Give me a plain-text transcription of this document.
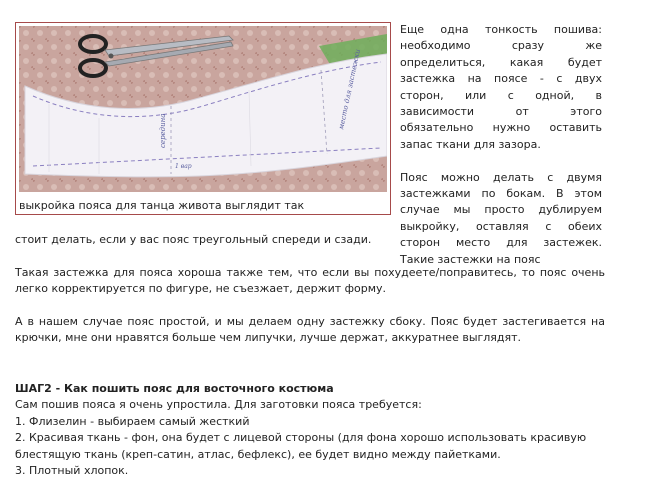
середина
1 вар
место для застежки
выкройка пояса для танца живота выглядит так

Еще одна тонкость пошива: необходимо сразу же определиться, какая будет застежка на поясе - с двух сторон, или с одной, в зависимости от этого обязательно нужно оставить запас ткани для зазора.

Пояс можно делать с двумя застежками по бокам. В этом случае мы просто дублируем выкройку, оставляя с обеих сторон место для застежек. Такие застежки на пояс

стоит делать, если у вас пояс треугольный спереди и сзади.

Такая застежка для пояса хороша также тем, что если вы похудеете/поправитесь, то пояс очень легко корректируется по фигуре, не съезжает, держит форму.

А в нашем случае пояс простой, и мы делаем одну застежку сбоку. Пояс будет застегивается на крючки, мне они нравятся больше чем липучки, лучше держат, аккуратнее выглядят.

ШАГ2 - Как пошить пояс для восточного костюма
Сам пошив пояса я очень упростила. Для заготовки пояса требуется:
1. Флизелин - выбираем самый жесткий
2. Красивая ткань - фон, она будет с лицевой стороны (для фона хорошо использовать красивую блестящую ткань (креп-сатин, атлас, бефлекс), ее будет видно между пайетками.
3. Плотный хлопок.
